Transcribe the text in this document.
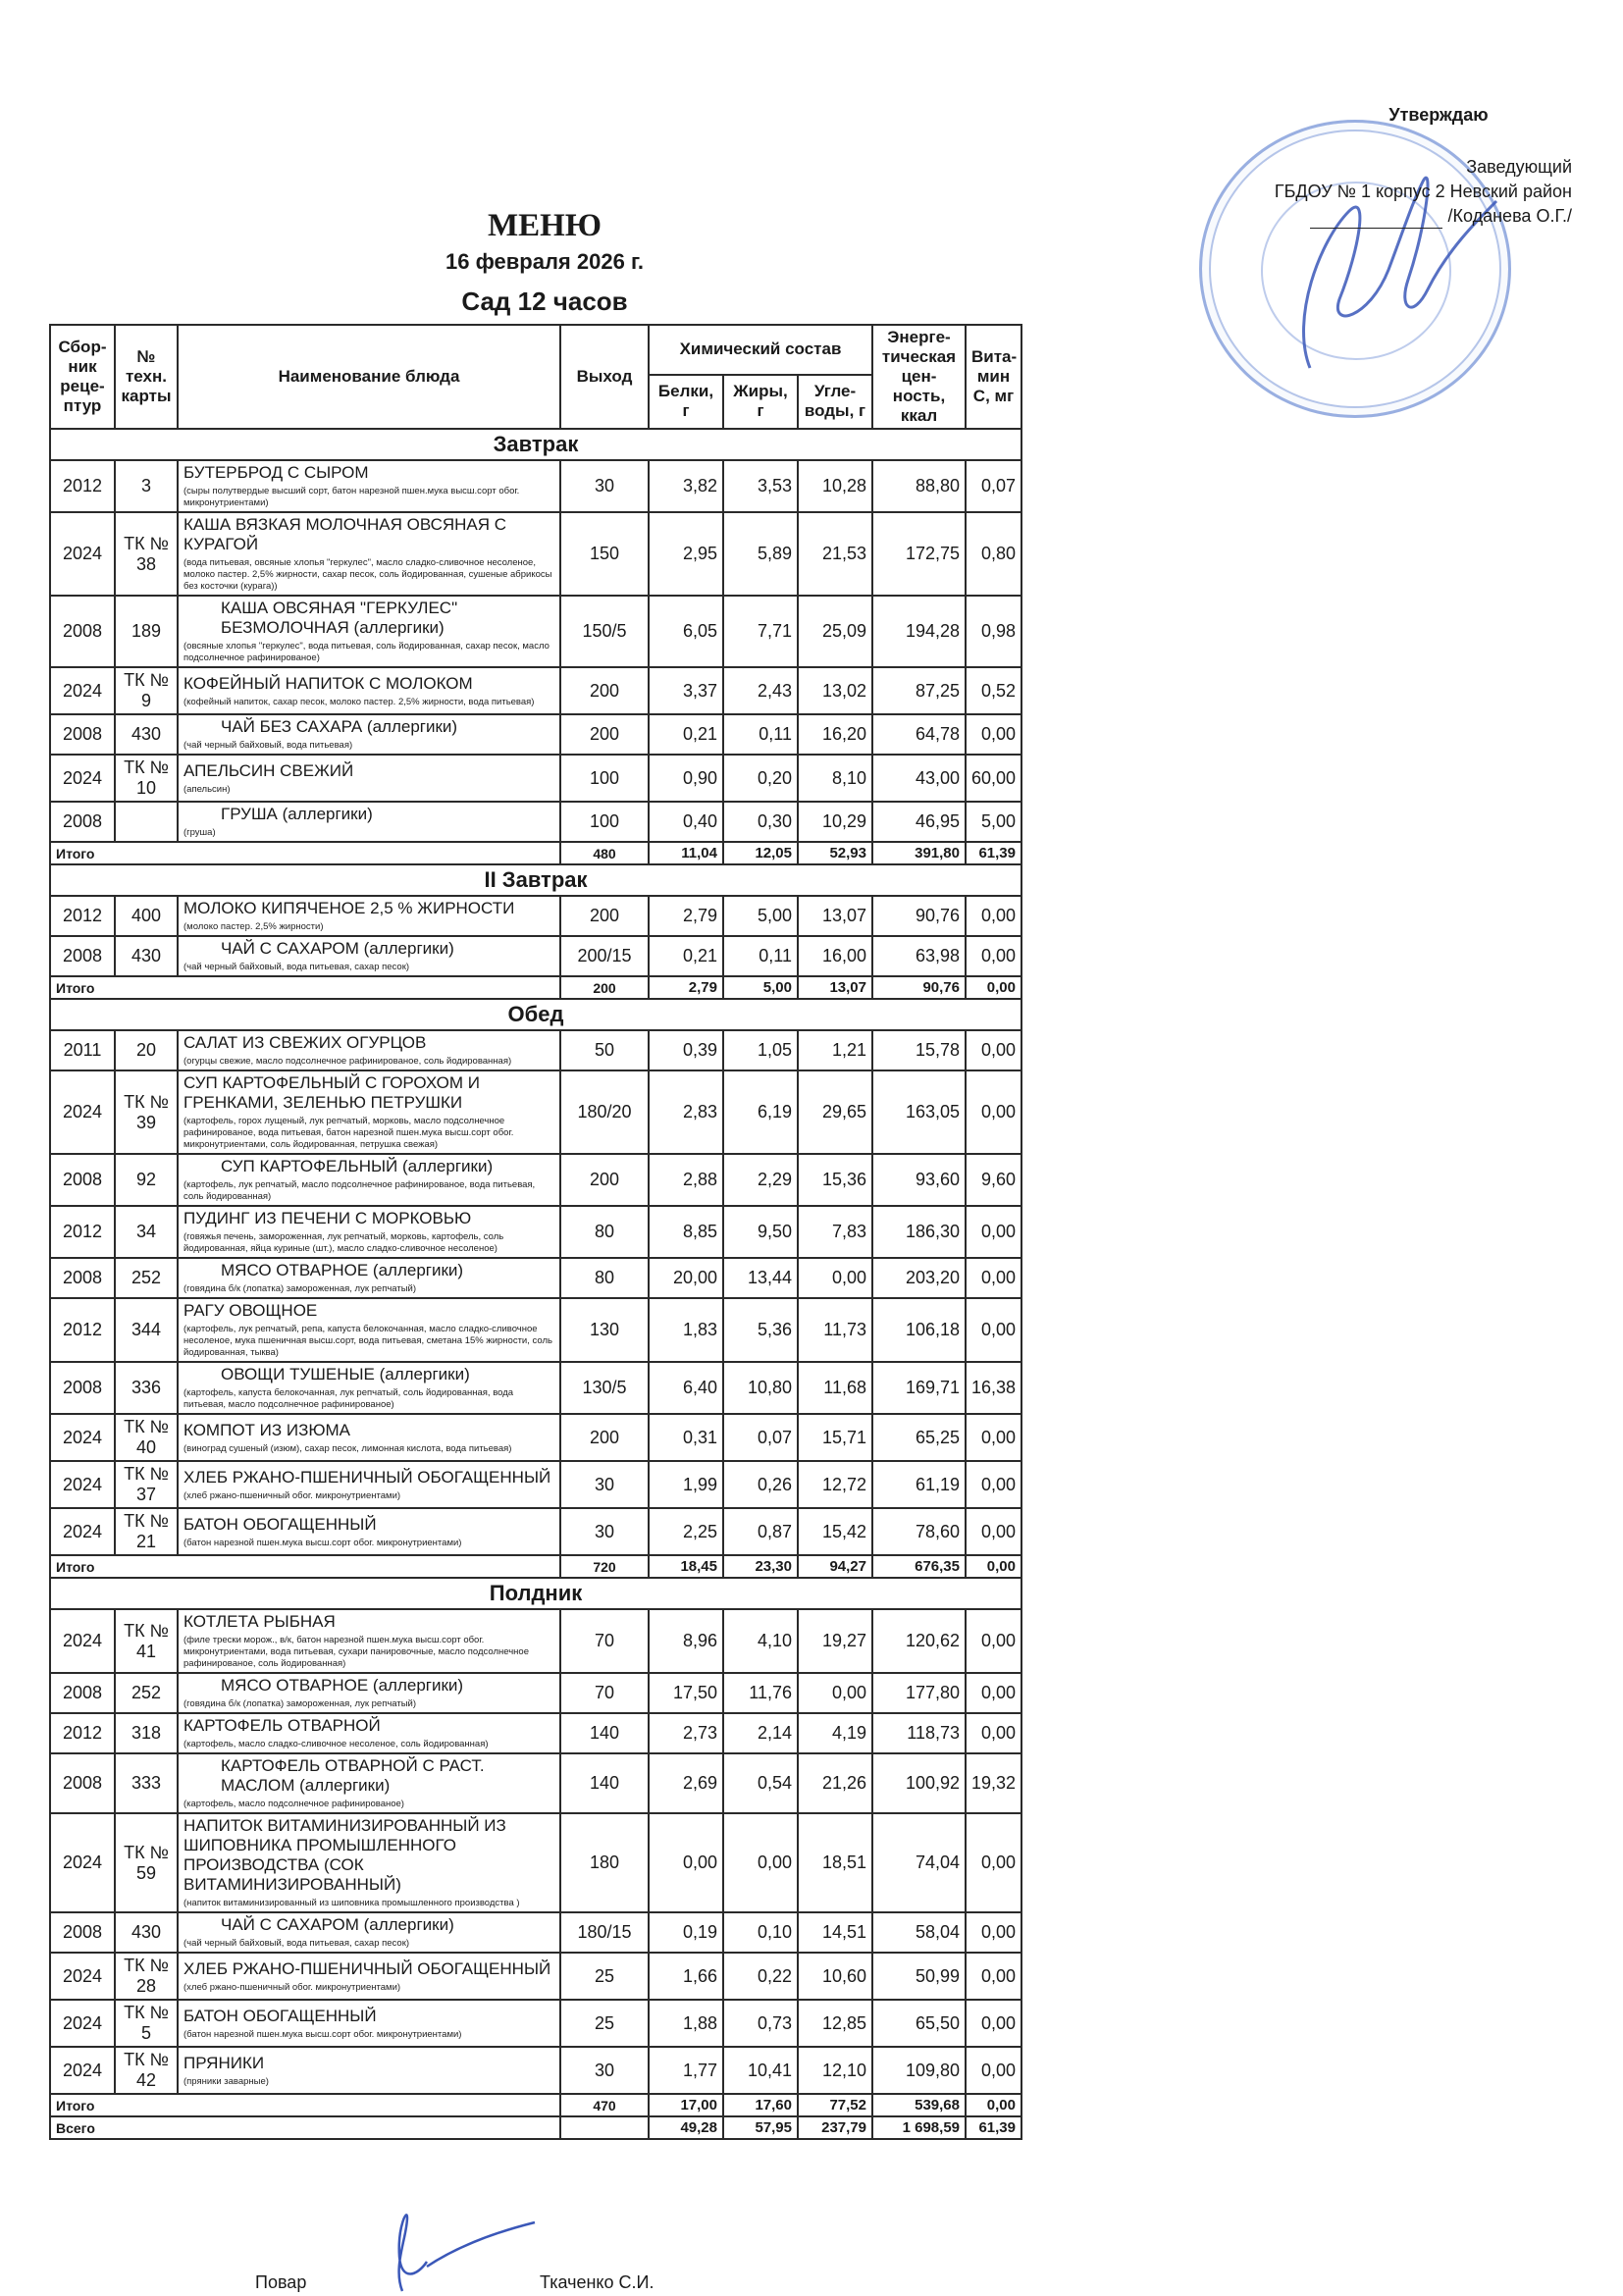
Утверждаю
Заведующий
ГБДОУ № 1 корпус 2 Невский район
/Коданева О.Г./
МЕНЮ
16 февраля 2026 г.
Сад 12 часов
Сбор-ник реце-птур	№ техн. карты	Наименование блюда	Выход	Химический состав			Энерге-тическая цен-ность, ккал	Вита-мин С, мг
				Белки, г	Жиры, г	Угле-воды, г		
Завтрак								
2012	3	БУТЕРБРОД С СЫРОМ
(сыры полутвердые высший сорт, батон нарезной пшен.мука высш.сорт обог. микронутриентами)	30	3,82	3,53	10,28	88,80	0,07
2024	ТК № 38	КАША ВЯЗКАЯ МОЛОЧНАЯ ОВСЯНАЯ С КУРАГОЙ
(вода питьевая, овсяные хлопья "геркулес", масло сладко-сливочное несоленое, молоко пастер. 2,5% жирности, сахар песок, соль йодированная, сушеные абрикосы без косточки (курага))	150	2,95	5,89	21,53	172,75	0,80
2008	189	КАША ОВСЯНАЯ "ГЕРКУЛЕС" БЕЗМОЛОЧНАЯ (аллергики)
(овсяные хлопья "геркулес", вода питьевая, соль йодированная, сахар песок, масло подсолнечное рафинированое)	150/5	6,05	7,71	25,09	194,28	0,98
2024	ТК № 9	КОФЕЙНЫЙ НАПИТОК С МОЛОКОМ
(кофейный напиток, сахар песок, молоко пастер. 2,5% жирности, вода питьевая)	200	3,37	2,43	13,02	87,25	0,52
2008	430	ЧАЙ БЕЗ САХАРА (аллергики)
(чай черный байховый, вода питьевая)	200	0,21	0,11	16,20	64,78	0,00
2024	ТК № 10	АПЕЛЬСИН СВЕЖИЙ
(апельсин)	100	0,90	0,20	8,10	43,00	60,00
2008		ГРУША (аллергики)
(груша)	100	0,40	0,30	10,29	46,95	5,00
Итого			480	11,04	12,05	52,93	391,80	61,39
II Завтрак								
2012	400	МОЛОКО КИПЯЧЕНОЕ 2,5 % ЖИРНОСТИ
(молоко пастер. 2,5% жирности)	200	2,79	5,00	13,07	90,76	0,00
2008	430	ЧАЙ С САХАРОМ (аллергики)
(чай черный байховый, вода питьевая, сахар песок)	200/15	0,21	0,11	16,00	63,98	0,00
Итого			200	2,79	5,00	13,07	90,76	0,00
Обед								
2011	20	САЛАТ ИЗ СВЕЖИХ ОГУРЦОВ
(огурцы свежие, масло подсолнечное рафинированое, соль йодированная)	50	0,39	1,05	1,21	15,78	0,00
2024	ТК № 39	СУП КАРТОФЕЛЬНЫЙ С ГОРОХОМ И ГРЕНКАМИ, ЗЕЛЕНЬЮ ПЕТРУШКИ
(картофель, горох лущеный, лук репчатый, морковь, масло подсолнечное рафинированое, вода питьевая, батон нарезной пшен.мука высш.сорт обог. микронутриентами, соль йодированная, петрушка свежая)	180/20	2,83	6,19	29,65	163,05	0,00
2008	92	СУП КАРТОФЕЛЬНЫЙ (аллергики)
(картофель, лук репчатый, масло подсолнечное рафинированое, вода питьевая, соль йодированная)	200	2,88	2,29	15,36	93,60	9,60
2012	34	ПУДИНГ ИЗ ПЕЧЕНИ С МОРКОВЬЮ
(говяжья печень, замороженная, лук репчатый, морковь, картофель, соль йодированная, яйца куриные (шт.), масло сладко-сливочное несоленое)	80	8,85	9,50	7,83	186,30	0,00
2008	252	МЯСО ОТВАРНОЕ (аллергики)
(говядина б/к (лопатка) замороженная, лук репчатый)	80	20,00	13,44	0,00	203,20	0,00
2012	344	РАГУ ОВОЩНОЕ
(картофель, лук репчатый, репа, капуста белокочанная, масло сладко-сливочное несоленое, мука пшеничная высш.сорт, вода питьевая, сметана 15% жирности, соль йодированная, тыква)	130	1,83	5,36	11,73	106,18	0,00
2008	336	ОВОЩИ ТУШЕНЫЕ (аллергики)
(картофель, капуста белокочанная, лук репчатый, соль йодированная, вода питьевая, масло подсолнечное рафинированое)	130/5	6,40	10,80	11,68	169,71	16,38
2024	ТК № 40	КОМПОТ ИЗ ИЗЮМА
(виноград сушеный (изюм), сахар песок, лимонная кислота, вода питьевая)	200	0,31	0,07	15,71	65,25	0,00
2024	ТК № 37	ХЛЕБ РЖАНО-ПШЕНИЧНЫЙ ОБОГАЩЕННЫЙ
(хлеб ржано-пшеничный обог. микронутриентами)	30	1,99	0,26	12,72	61,19	0,00
2024	ТК № 21	БАТОН ОБОГАЩЕННЫЙ
(батон нарезной пшен.мука высш.сорт обог. микронутриентами)	30	2,25	0,87	15,42	78,60	0,00
Итого			720	18,45	23,30	94,27	676,35	0,00
Полдник								
2024	ТК № 41	КОТЛЕТА РЫБНАЯ
(филе трески морож., в/к, батон нарезной пшен.мука высш.сорт обог. микронутриентами, вода питьевая, сухари панировочные, масло подсолнечное рафинированое, соль йодированная)	70	8,96	4,10	19,27	120,62	0,00
2008	252	МЯСО ОТВАРНОЕ (аллергики)
(говядина б/к (лопатка) замороженная, лук репчатый)	70	17,50	11,76	0,00	177,80	0,00
2012	318	КАРТОФЕЛЬ ОТВАРНОЙ
(картофель, масло сладко-сливочное несоленое, соль йодированная)	140	2,73	2,14	4,19	118,73	0,00
2008	333	КАРТОФЕЛЬ ОТВАРНОЙ С РАСТ. МАСЛОМ (аллергики)
(картофель, масло подсолнечное рафинированое)	140	2,69	0,54	21,26	100,92	19,32
2024	ТК № 59	НАПИТОК ВИТАМИНИЗИРОВАННЫЙ ИЗ ШИПОВНИКА ПРОМЫШЛЕННОГО ПРОИЗВОДСТВА (СОК ВИТАМИНИЗИРОВАННЫЙ)
(напиток витаминизированный из шиповника промышленного производства )	180	0,00	0,00	18,51	74,04	0,00
2008	430	ЧАЙ С САХАРОМ (аллергики)
(чай черный байховый, вода питьевая, сахар песок)	180/15	0,19	0,10	14,51	58,04	0,00
2024	ТК № 28	ХЛЕБ РЖАНО-ПШЕНИЧНЫЙ ОБОГАЩЕННЫЙ
(хлеб ржано-пшеничный обог. микронутриентами)	25	1,66	0,22	10,60	50,99	0,00
2024	ТК № 5	БАТОН ОБОГАЩЕННЫЙ
(батон нарезной пшен.мука высш.сорт обог. микронутриентами)	25	1,88	0,73	12,85	65,50	0,00
2024	ТК № 42	ПРЯНИКИ
(пряники заварные)	30	1,77	10,41	12,10	109,80	0,00
Итого			470	17,00	17,60	77,52	539,68	0,00
Всего				49,28	57,95	237,79	1 698,59	61,39
Повар	Ткаченко С.И.
